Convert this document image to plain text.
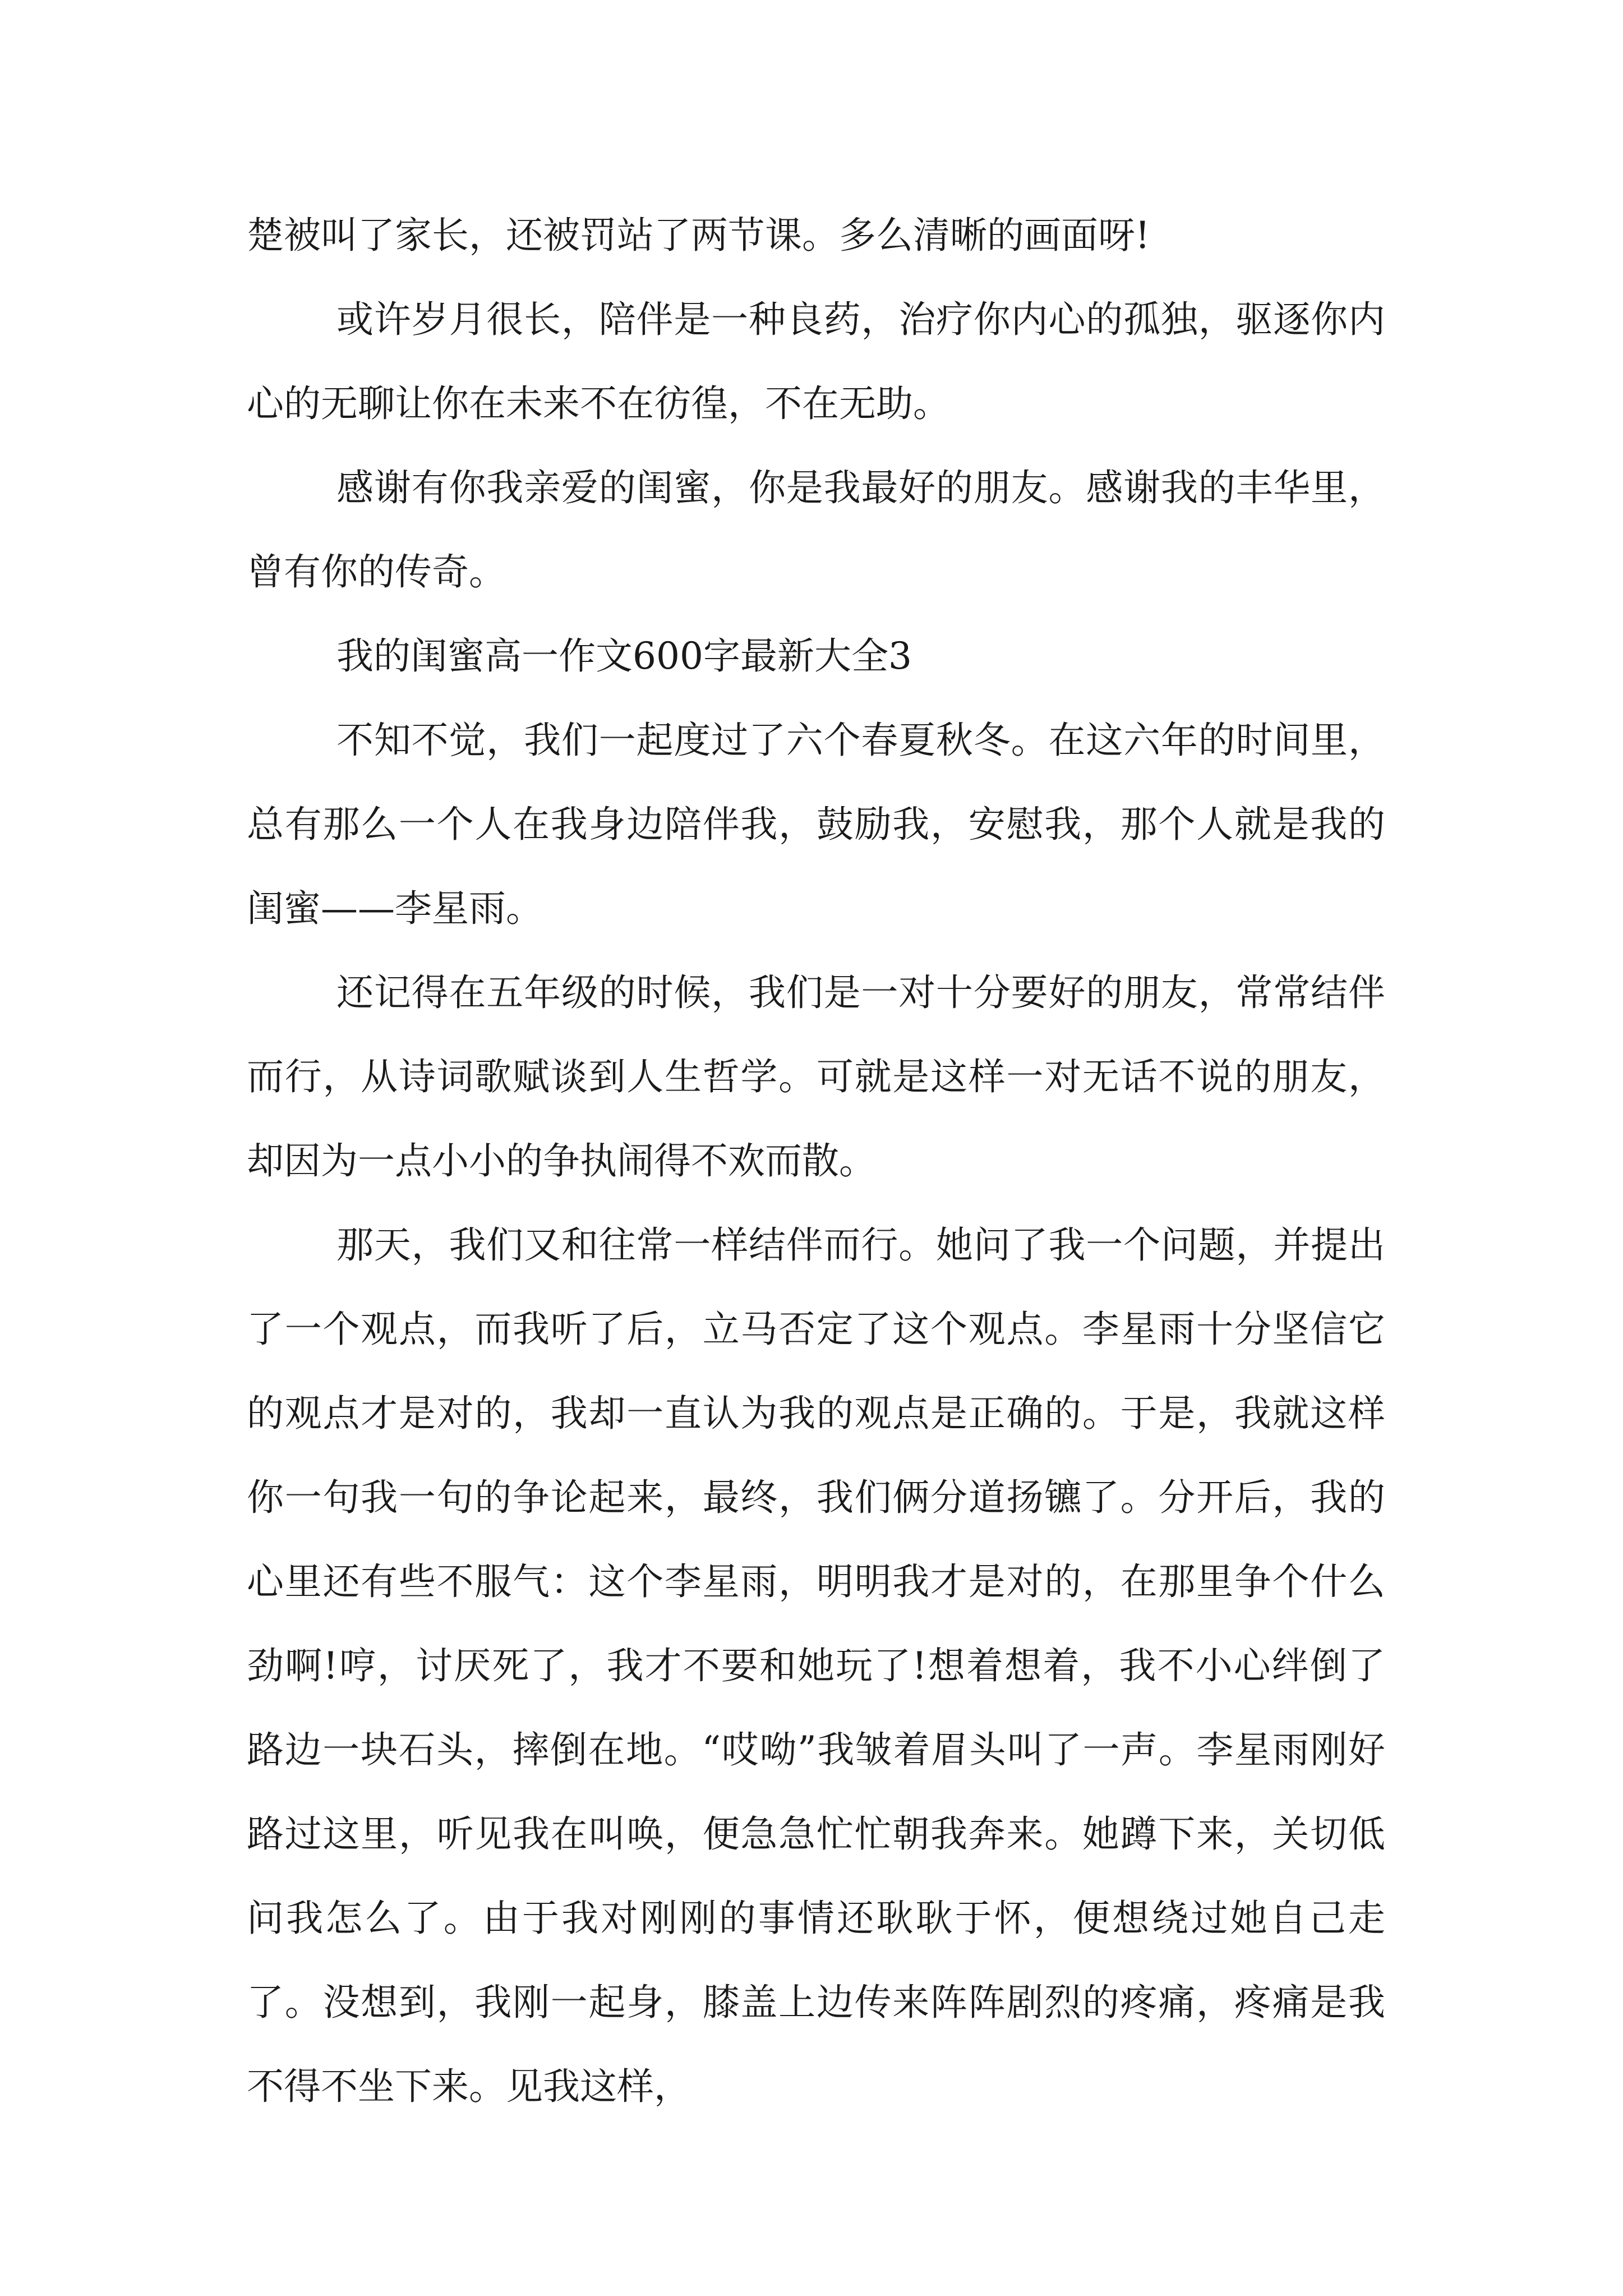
楚被叫了家长，还被罚站了两节课。多么清晰的画面呀!

或许岁月很长，陪伴是一种良药，治疗你内心的孤独，驱逐你内心的无聊让你在未来不在彷徨，不在无助。

感谢有你我亲爱的闺蜜，你是我最好的朋友。感谢我的丰华里，曾有你的传奇。

我的闺蜜高一作文600字最新大全3

不知不觉，我们一起度过了六个春夏秋冬。在这六年的时间里，总有那么一个人在我身边陪伴我，鼓励我，安慰我，那个人就是我的闺蜜——李星雨。

还记得在五年级的时候，我们是一对十分要好的朋友，常常结伴而行，从诗词歌赋谈到人生哲学。可就是这样一对无话不说的朋友，却因为一点小小的争执闹得不欢而散。

那天，我们又和往常一样结伴而行。她问了我一个问题，并提出了一个观点，而我听了后，立马否定了这个观点。李星雨十分坚信它的观点才是对的，我却一直认为我的观点是正确的。于是，我就这样你一句我一句的争论起来，最终，我们俩分道扬镳了。分开后，我的心里还有些不服气：这个李星雨，明明我才是对的，在那里争个什么劲啊!哼，讨厌死了，我才不要和她玩了!想着想着，我不小心绊倒了路边一块石头，摔倒在地。“哎呦”我皱着眉头叫了一声。李星雨刚好路过这里，听见我在叫唤，便急急忙忙朝我奔来。她蹲下来，关切低问我怎么了。由于我对刚刚的事情还耿耿于怀，便想绕过她自己走了。没想到，我刚一起身，膝盖上边传来阵阵剧烈的疼痛，疼痛是我不得不坐下来。见我这样，
